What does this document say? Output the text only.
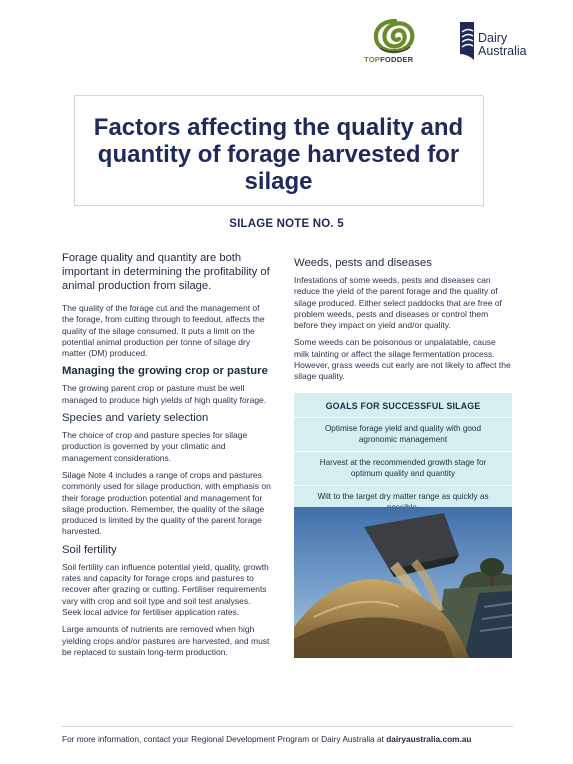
TOPFODDER
Dairy
Australia
Factors affecting the quality and quantity of forage harvested for silage
SILAGE NOTE NO. 5

Forage quality and quantity are both important in determining the profitability of animal production from silage.

The quality of the forage cut and the management of the forage, from cutting through to feedout, affects the quality of the silage consumed. It puts a limit on the potential animal production per tonne of silage dry matter (DM) produced.

Managing the growing crop or pasture

The growing parent crop or pasture must be well managed to produce high yields of high quality forage.

Species and variety selection

The choice of crop and pasture species for silage production is governed by your climatic and management considerations.

Silage Note 4 includes a range of crops and pastures commonly used for silage production, with emphasis on their forage production potential and management for silage production. Remember, the quality of the silage produced is limited by the quality of the parent forage harvested.

Soil fertility

Soil fertility can influence potential yield, quality, growth rates and capacity for forage crops and pastures to recover after grazing or cutting. Fertiliser requirements vary with crop and soil type and soil test analyses. Seek local advice for fertiliser application rates.

Large amounts of nutrients are removed when high yielding crops and/or pastures are harvested, and must be replaced to sustain long-term production.

Weeds, pests and diseases

Infestations of some weeds, pests and diseases can reduce the yield of the parent forage and the quality of silage produced. Either select paddocks that are free of problem weeds, pests and diseases or control them before they impact on yield and/or quality.

Some weeds can be poisonous or unpalatable, cause milk tainting or affect the silage fermentation process. However, grass weeds cut early are not likely to affect the silage quality.

GOALS FOR SUCCESSFUL SILAGE
Optimise forage yield and quality with good agronomic management
Harvest at the recommended growth stage for optimum quality and quantity
Wilt to the target dry matter range as quickly as
For more information, contact your Regional Development Program or Dairy Australia at dairyaustralia.com.au
